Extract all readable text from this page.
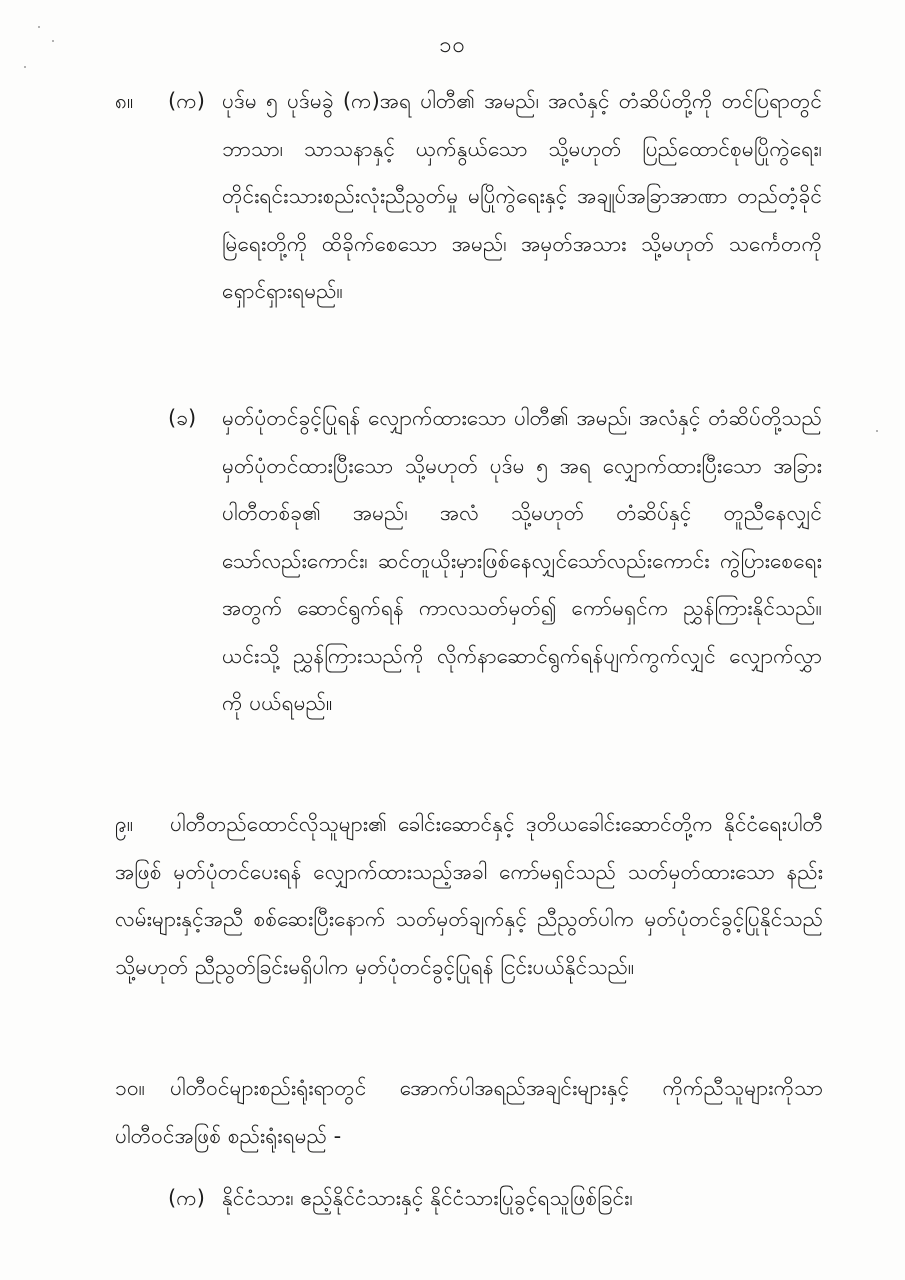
၁၀
၈။ (က) ပုဒ်မ ၅ ပုဒ်မခွဲ (က)အရ ပါတီ၏ အမည်၊ အလံနှင့် တံဆိပ်တို့ကို တင်ပြရာတွင် ဘာသာ၊ သာသနာနှင့် ယှက်နွယ်သော သို့မဟုတ် ပြည်ထောင်စုမပြိုကွဲရေး၊ တိုင်းရင်းသားစည်းလုံးညီညွတ်မှု မပြိုကွဲရေးနှင့် အချုပ်အခြာအာဏာ တည်တံ့ခိုင်မြဲရေးတို့ကို ထိခိုက်စေသော အမည်၊ အမှတ်အသား သို့မဟုတ် သင်္ကေတကို ရှောင်ရှားရမည်။
(ခ) မှတ်ပုံတင်ခွင့်ပြုရန် လျှောက်ထားသော ပါတီ၏ အမည်၊ အလံနှင့် တံဆိပ်တို့သည် မှတ်ပုံတင်ထားပြီးသော သို့မဟုတ် ပုဒ်မ ၅ အရ လျှောက်ထားပြီးသော အခြားပါတီတစ်ခု၏ အမည်၊ အလံ သို့မဟုတ် တံဆိပ်နှင့် တူညီနေလျှင်သော်လည်းကောင်း၊ ဆင်တူယိုးမှားဖြစ်နေလျှင်သော်လည်းကောင်း ကွဲပြားစေရေးအတွက် ဆောင်ရွက်ရန် ကာလသတ်မှတ်၍ ကော်မရှင်က ညွှန်ကြားနိုင်သည်။ ယင်းသို့ ညွှန်ကြားသည်ကို လိုက်နာဆောင်ရွက်ရန်ပျက်ကွက်လျှင် လျှောက်လွှာကို ပယ်ရမည်။
၉။	ပါတီတည်ထောင်လိုသူများ၏ ခေါင်းဆောင်နှင့် ဒုတိယခေါင်းဆောင်တို့က နိုင်ငံရေးပါတီအဖြစ် မှတ်ပုံတင်ပေးရန် လျှောက်ထားသည့်အခါ ကော်မရှင်သည် သတ်မှတ်ထားသော နည်းလမ်းများနှင့်အညီ စစ်ဆေးပြီးနောက် သတ်မှတ်ချက်နှင့် ညီညွတ်ပါက မှတ်ပုံတင်ခွင့်ပြုနိုင်သည် သို့မဟုတ် ညီညွတ်ခြင်းမရှိပါက မှတ်ပုံတင်ခွင့်ပြုရန် ငြင်းပယ်နိုင်သည်။
၁၀။	ပါတီဝင်များစည်းရုံးရာတွင် အောက်ပါအရည်အချင်းများနှင့် ကိုက်ညီသူများကိုသာ ပါတီဝင်အဖြစ် စည်းရုံးရမည် -
(က) နိုင်ငံသား၊ ဧည့်နိုင်ငံသားနှင့် နိုင်ငံသားပြုခွင့်ရသူဖြစ်ခြင်း၊
